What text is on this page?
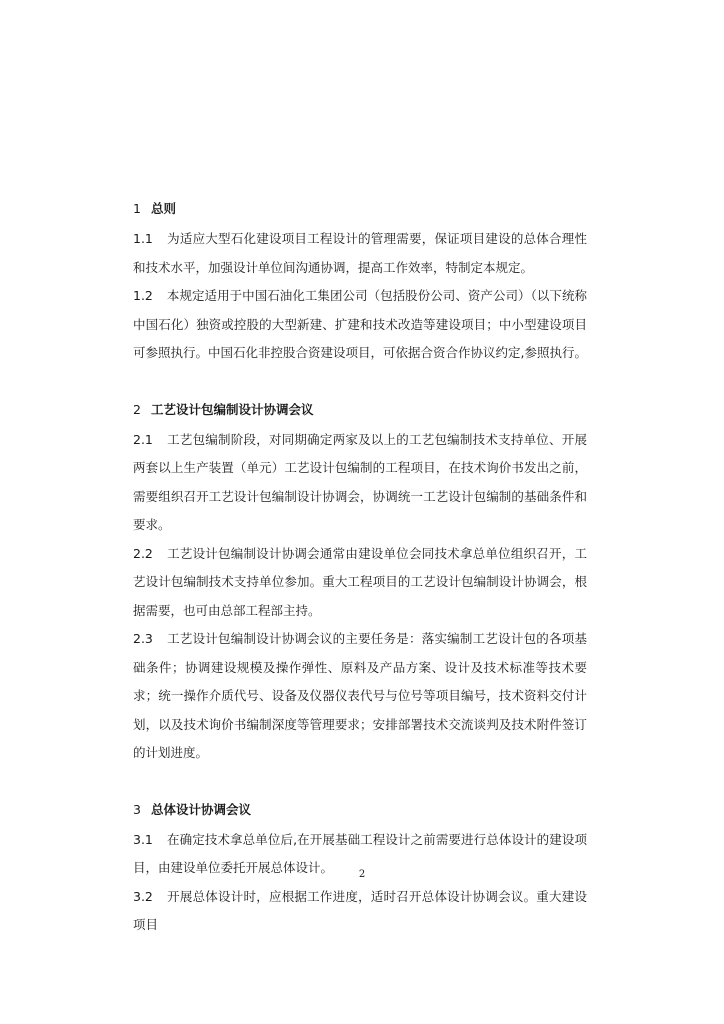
1 总则

1.1 为适应大型石化建设项目工程设计的管理需要，保证项目建设的总体合理性和技术水平，加强设计单位间沟通协调，提高工作效率，特制定本规定。

1.2 本规定适用于中国石油化工集团公司（包括股份公司、资产公司）（以下统称中国石化）独资或控股的大型新建、扩建和技术改造等建设项目；中小型建设项目可参照执行。中国石化非控股合资建设项目，可依据合资合作协议约定,参照执行。

2 工艺设计包编制设计协调会议

2.1 工艺包编制阶段，对同期确定两家及以上的工艺包编制技术支持单位、开展两套以上生产装置（单元）工艺设计包编制的工程项目，在技术询价书发出之前，需要组织召开工艺设计包编制设计协调会，协调统一工艺设计包编制的基础条件和要求。

2.2 工艺设计包编制设计协调会通常由建设单位会同技术拿总单位组织召开，工艺设计包编制技术支持单位参加。重大工程项目的工艺设计包编制设计协调会，根据需要，也可由总部工程部主持。

2.3 工艺设计包编制设计协调会议的主要任务是：落实编制工艺设计包的各项基础条件；协调建设规模及操作弹性、原料及产品方案、设计及技术标准等技术要求；统一操作介质代号、设备及仪器仪表代号与位号等项目编号，技术资料交付计划，以及技术询价书编制深度等管理要求；安排部署技术交流谈判及技术附件签订的计划进度。

3 总体设计协调会议

3.1 在确定技术拿总单位后,在开展基础工程设计之前需要进行总体设计的建设项目，由建设单位委托开展总体设计。

3.2 开展总体设计时，应根据工作进度，适时召开总体设计协调会议。重大建设项目

2
